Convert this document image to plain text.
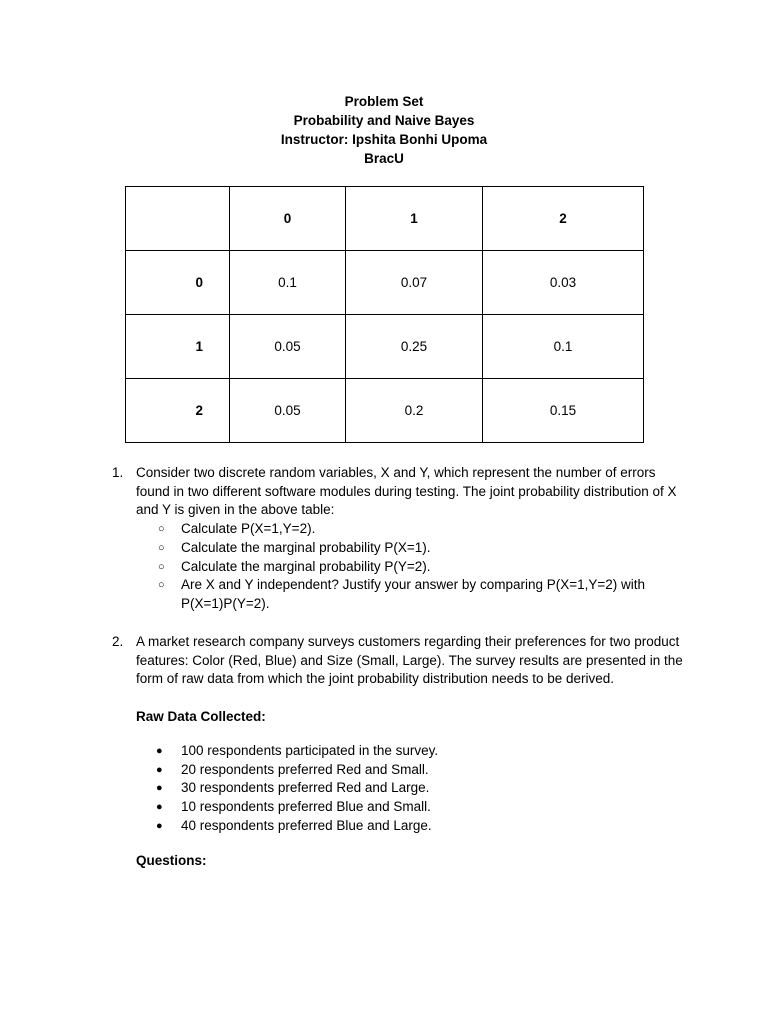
Problem Set
Probability and Naive Bayes
Instructor: Ipshita Bonhi Upoma
BracU
	0	1	2
0	0.1	0.07	0.03
1	0.05	0.25	0.1
2	0.05	0.2	0.15
1. Consider two discrete random variables, X and Y, which represent the number of errors found in two different software modules during testing. The joint probability distribution of X and Y is given in the above table:
○ Calculate P(X=1,Y=2).
○ Calculate the marginal probability P(X=1).
○ Calculate the marginal probability P(Y=2).
○ Are X and Y independent? Justify your answer by comparing P(X=1,Y=2) with P(X=1)P(Y=2).
2. A market research company surveys customers regarding their preferences for two product features: Color (Red, Blue) and Size (Small, Large). The survey results are presented in the form of raw data from which the joint probability distribution needs to be derived.
Raw Data Collected:
● 100 respondents participated in the survey.
● 20 respondents preferred Red and Small.
● 30 respondents preferred Red and Large.
● 10 respondents preferred Blue and Small.
● 40 respondents preferred Blue and Large.
Questions:
